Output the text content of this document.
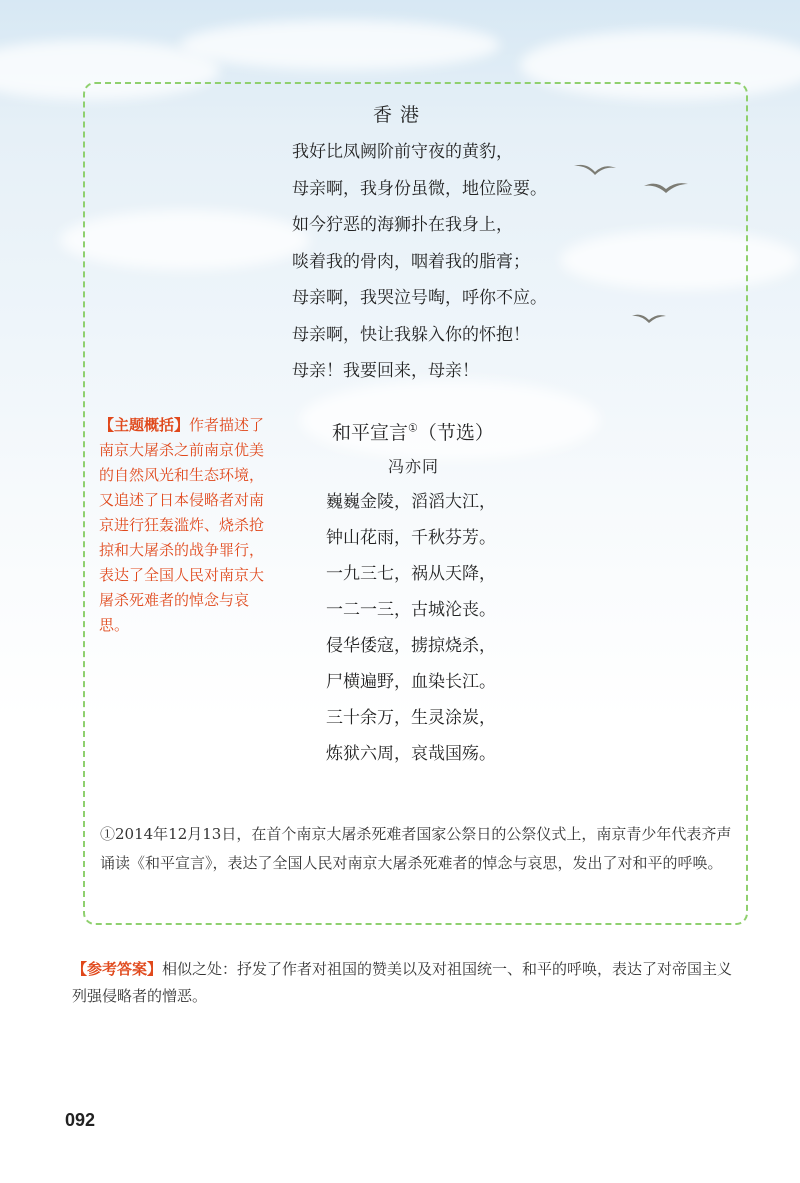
香港
我好比凤阙阶前守夜的黄豹，
母亲啊，我身份虽微，地位险要。
如今狞恶的海狮扑在我身上，
啖着我的骨肉，咽着我的脂膏；
母亲啊，我哭泣号啕，呼你不应。
母亲啊，快让我躲入你的怀抱！
母亲！我要回来，母亲！
【主题概括】作者描述了南京大屠杀之前南京优美的自然风光和生态环境，又追述了日本侵略者对南京进行狂轰滥炸、烧杀抢掠和大屠杀的战争罪行，表达了全国人民对南京大屠杀死难者的悼念与哀思。
和平宣言①（节选）
冯亦同
巍巍金陵，滔滔大江，
钟山花雨，千秋芬芳。
一九三七，祸从天降，
一二一三，古城沦丧。
侵华倭寇，掳掠烧杀，
尸横遍野，血染长江。
三十余万，生灵涂炭，
炼狱六周，哀哉国殇。
①2014年12月13日，在首个南京大屠杀死难者国家公祭日的公祭仪式上，南京青少年代表齐声诵读《和平宣言》，表达了全国人民对南京大屠杀死难者的悼念与哀思，发出了对和平的呼唤。
【参考答案】相似之处：抒发了作者对祖国的赞美以及对祖国统一、和平的呼唤，表达了对帝国主义列强侵略者的憎恶。
092
